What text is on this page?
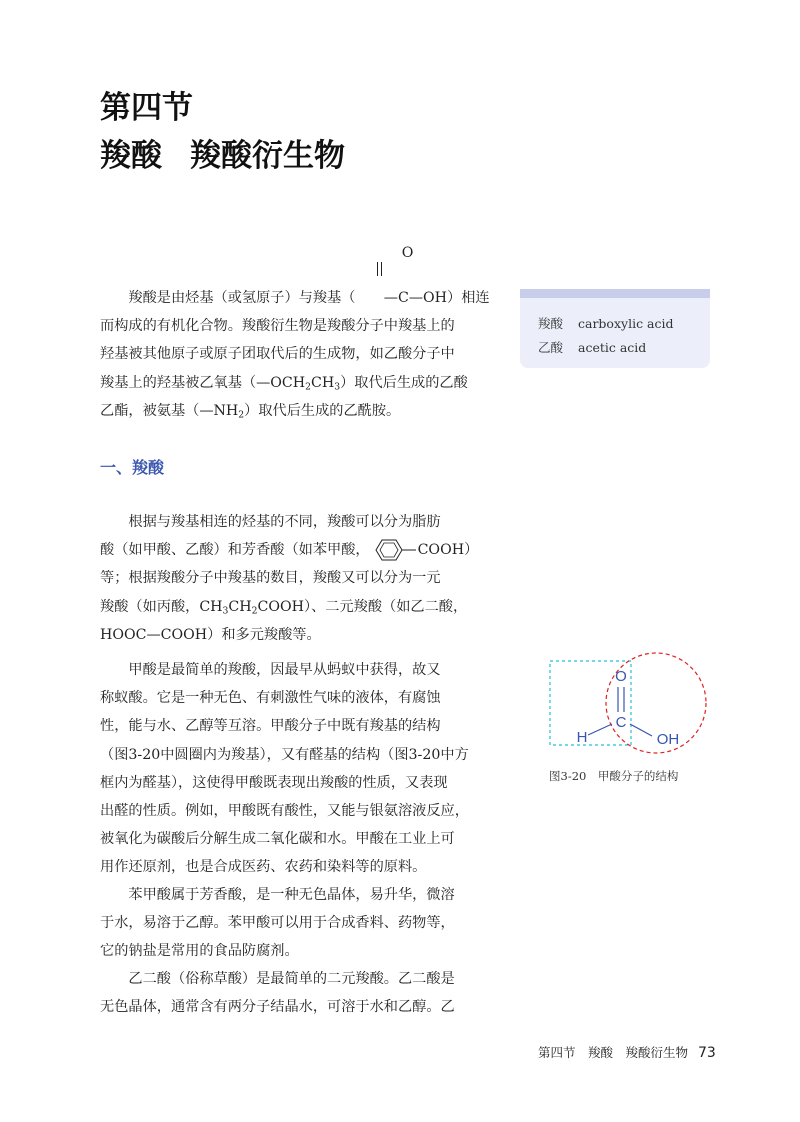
第四节
羧酸 羧酸衍生物

羧酸是由烃基（或氢原子）与羧基（
O
—C—OH）相连

而构成的有机化合物。羧酸衍生物是羧酸分子中羧基上的

羟基被其他原子或原子团取代后的生成物，如乙酸分子中

羧基上的羟基被乙氧基$(—OCH_2CH_3)$取代后生成的乙酸

乙酯，被氨基$(—NH_2)$取代后生成的乙酰胺。

羧酸 carboxylic acid
乙酸 acetic acid
一、羧酸

根据与羧基相连的烃基的不同，羧酸可以分为脂肪

酸（如甲酸、乙酸）和芳香酸（如苯甲酸，	COOH）

等；根据羧酸分子中羧基的数目，羧酸又可以分为一元

羧酸（如丙酸，$CH_3CH_2COOH$）、二元羧酸（如乙二酸，

HOOC—COOH）和多元羧酸等。

甲酸是最简单的羧酸，因最早从蚂蚁中获得，故又

称蚁酸。它是一种无色、有刺激性气味的液体，有腐蚀

性，能与水、乙醇等互溶。甲酸分子中既有羧基的结构

（图3-20中圆圈内为羧基），又有醛基的结构（图3-20中方

框内为醛基），这使得甲酸既表现出羧酸的性质，又表现

出醛的性质。例如，甲酸既有酸性，又能与银氨溶液反应，

被氧化为碳酸后分解生成二氧化碳和水。甲酸在工业上可

用作还原剂，也是合成医药、农药和染料等的原料。

苯甲酸属于芳香酸，是一种无色晶体，易升华，微溶

于水，易溶于乙醇。苯甲酸可以用于合成香料、药物等，

它的钠盐是常用的食品防腐剂。

乙二酸（俗称草酸）是最简单的二元羧酸。乙二酸是

无色晶体，通常含有两分子结晶水，可溶于水和乙醇。乙

O
C
H	OH
图3-20　甲酸分子的结构
第四节　羧酸　羧酸衍生物 73
